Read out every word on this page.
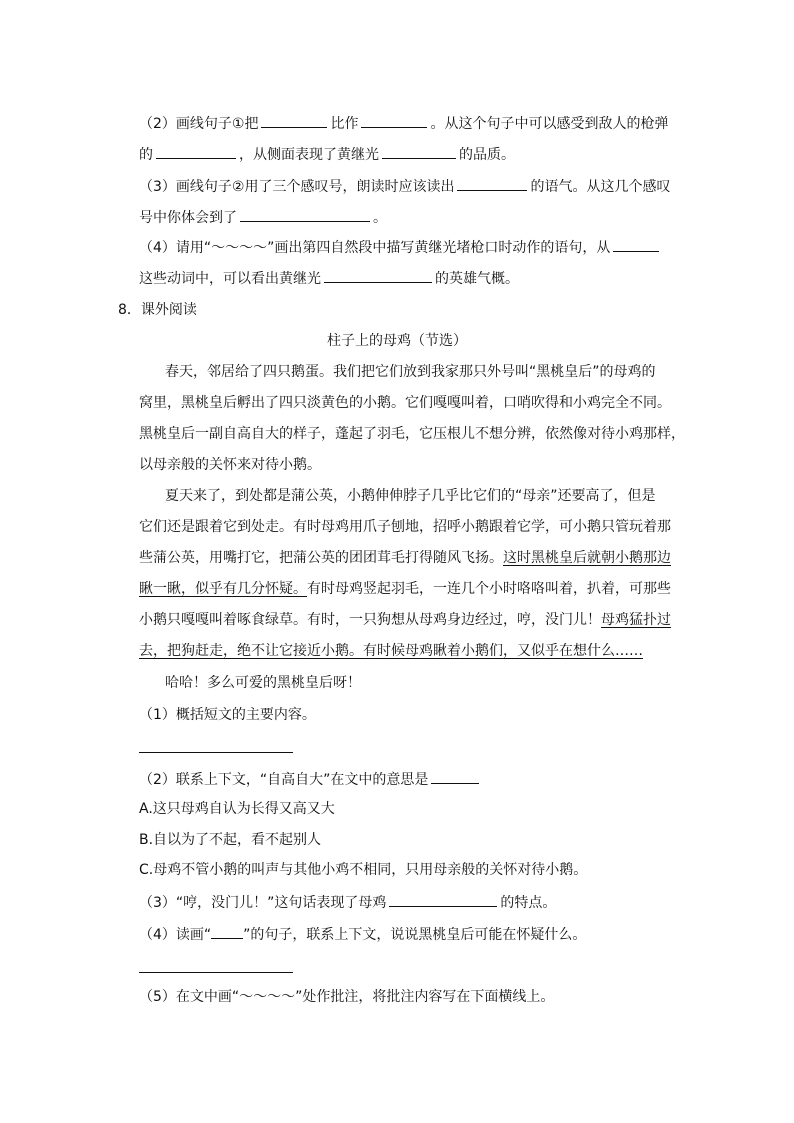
（2）画线句子①把	比作	。从这个句子中可以感受到敌人的枪弹
的	，从侧面表现了黄继光	的品质。
（3）画线句子②用了三个感叹号，朗读时应该读出	的语气。从这几个感叹
号中你体会到了	。
（4）请用“～～～～”画出第四自然段中描写黄继光堵枪口时动作的语句，从
这些动词中，可以看出黄继光	的英雄气概。
8．课外阅读
柱子上的母鸡（节选）
春天，邻居给了四只鹅蛋。我们把它们放到我家那只外号叫“黑桃皇后”的母鸡的
窝里，黑桃皇后孵出了四只淡黄色的小鹅。它们嘎嘎叫着，口哨吹得和小鸡完全不同。
黑桃皇后一副自高自大的样子，蓬起了羽毛，它压根儿不想分辨，依然像对待小鸡那样，
以母亲般的关怀来对待小鹅。
夏天来了，到处都是蒲公英，小鹅伸伸脖子几乎比它们的“母亲”还要高了，但是
它们还是跟着它到处走。有时母鸡用爪子刨地，招呼小鹅跟着它学，可小鹅只管玩着那
些蒲公英，用嘴打它，把蒲公英的团团茸毛打得随风飞扬。这时黑桃皇后就朝小鹅那边
瞅一瞅，似乎有几分怀疑。有时母鸡竖起羽毛，一连几个小时咯咯叫着，扒着，可那些
小鹅只嘎嘎叫着啄食绿草。有时，一只狗想从母鸡身边经过，哼，没门儿！母鸡猛扑过
去，把狗赶走，绝不让它接近小鹅。有时候母鸡瞅着小鹅们，又似乎在想什么……
哈哈！多么可爱的黑桃皇后呀！
（1）概括短文的主要内容。
（2）联系上下文，“自高自大”在文中的意思是
A.这只母鸡自认为长得又高又大
B.自以为了不起，看不起别人
C.母鸡不管小鹅的叫声与其他小鸡不相同，只用母亲般的关怀对待小鹅。
（3）“哼，没门儿！”这句话表现了母鸡	的特点。
（4）读画“ ”的句子，联系上下文，说说黑桃皇后可能在怀疑什么。
（5）在文中画“～～～～”处作批注，将批注内容写在下面横线上。
